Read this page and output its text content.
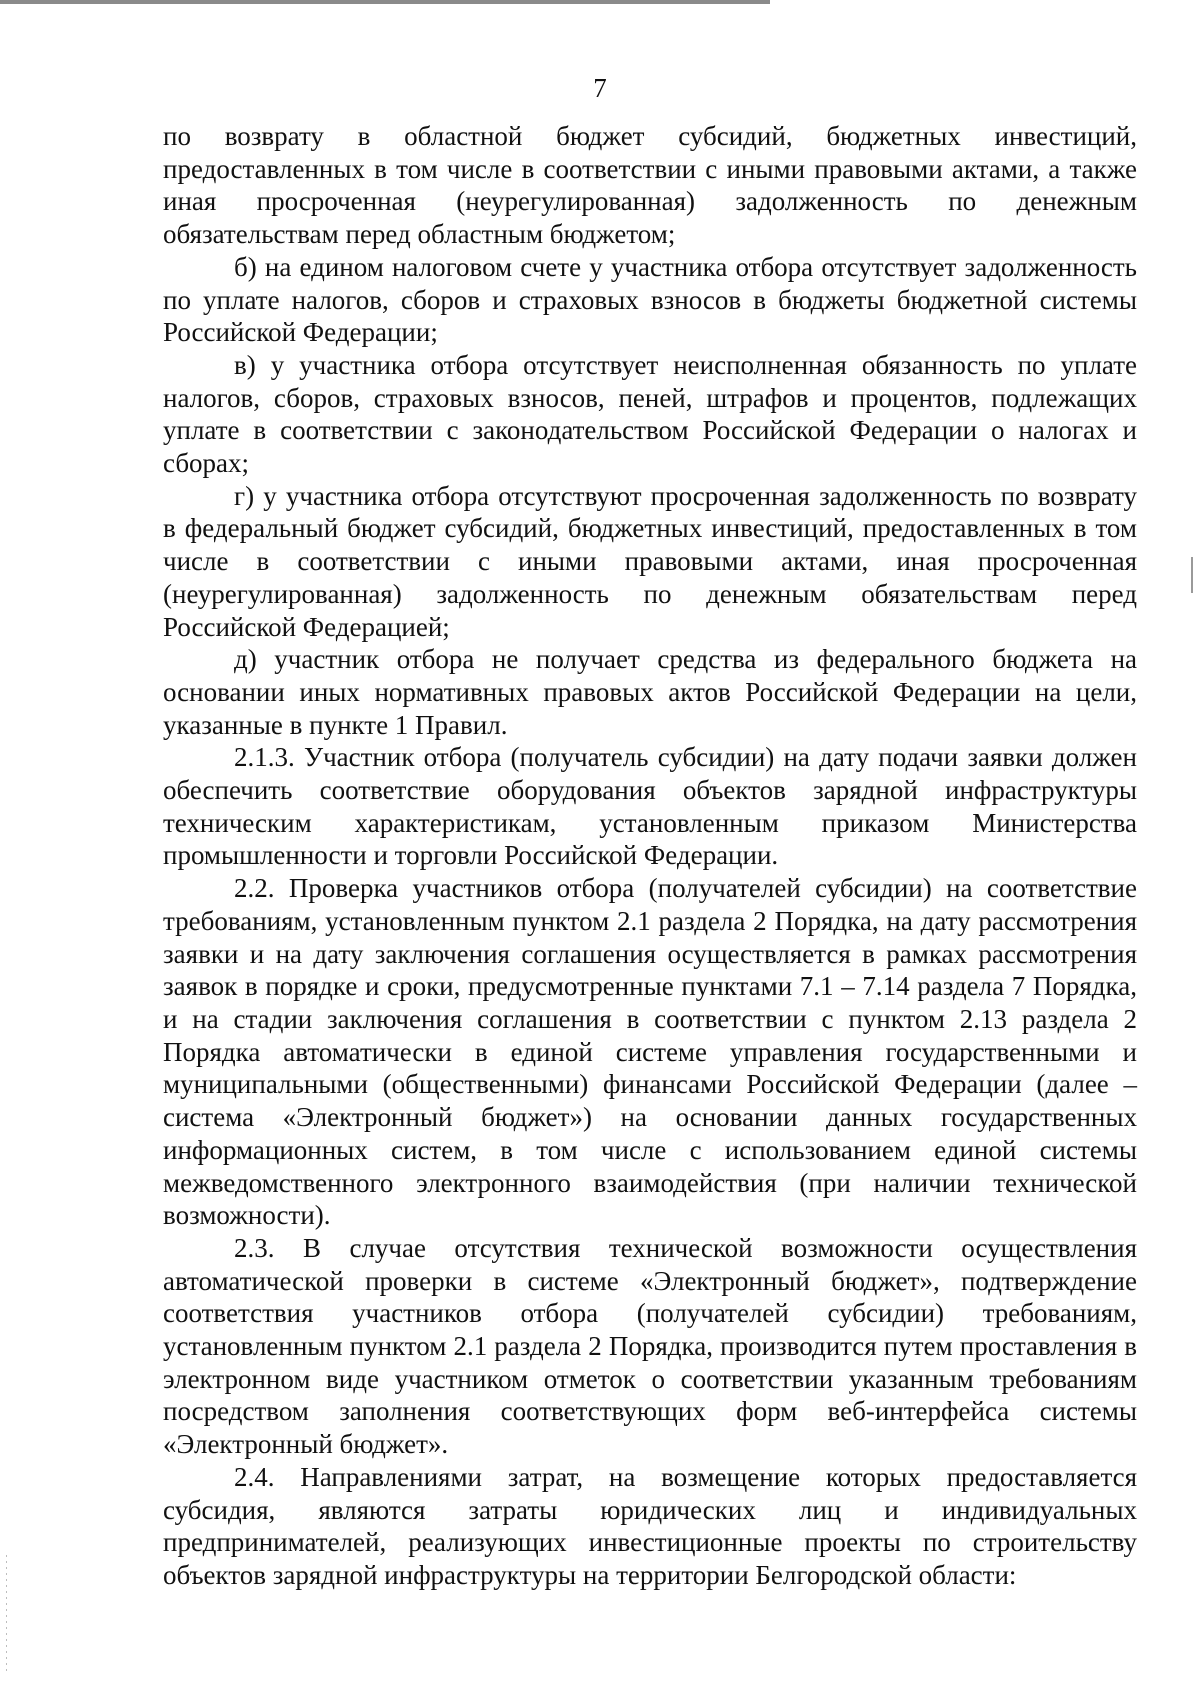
7

по возврату в областной бюджет субсидий, бюджетных инвестиций, предоставленных в том числе в соответствии с иными правовыми актами, а также иная просроченная (неурегулированная) задолженность по денежным обязательствам перед областным бюджетом;

б) на едином налоговом счете у участника отбора отсутствует задолженность по уплате налогов, сборов и страховых взносов в бюджеты бюджетной системы Российской Федерации;

в) у участника отбора отсутствует неисполненная обязанность по уплате налогов, сборов, страховых взносов, пеней, штрафов и процентов, подлежащих уплате в соответствии с законодательством Российской Федерации о налогах и сборах;

г) у участника отбора отсутствуют просроченная задолженность по возврату в федеральный бюджет субсидий, бюджетных инвестиций, предоставленных в том числе в соответствии с иными правовыми актами, иная просроченная (неурегулированная) задолженность по денежным обязательствам перед Российской Федерацией;

д) участник отбора не получает средства из федерального бюджета на основании иных нормативных правовых актов Российской Федерации на цели, указанные в пункте 1 Правил.

2.1.3. Участник отбора (получатель субсидии) на дату подачи заявки должен обеспечить соответствие оборудования объектов зарядной инфраструктуры техническим характеристикам, установленным приказом Министерства промышленности и торговли Российской Федерации.

2.2. Проверка участников отбора (получателей субсидии) на соответствие требованиям, установленным пунктом 2.1 раздела 2 Порядка, на дату рассмотрения заявки и на дату заключения соглашения осуществляется в рамках рассмотрения заявок в порядке и сроки, предусмотренные пунктами 7.1 – 7.14 раздела 7 Порядка, и на стадии заключения соглашения в соответствии с пунктом 2.13 раздела 2 Порядка автоматически в единой системе управления государственными и муниципальными (общественными) финансами Российской Федерации (далее – система «Электронный бюджет») на основании данных государственных информационных систем, в том числе с использованием единой системы межведомственного электронного взаимодействия (при наличии технической возможности).

2.3. В случае отсутствия технической возможности осуществления автоматической проверки в системе «Электронный бюджет», подтверждение соответствия участников отбора (получателей субсидии) требованиям, установленным пунктом 2.1 раздела 2 Порядка, производится путем проставления в электронном виде участником отметок о соответствии указанным требованиям посредством заполнения соответствующих форм веб-интерфейса системы «Электронный бюджет».

2.4. Направлениями затрат, на возмещение которых предоставляется субсидия, являются затраты юридических лиц и индивидуальных предпринимателей, реализующих инвестиционные проекты по строительству объектов зарядной инфраструктуры на территории Белгородской области:
